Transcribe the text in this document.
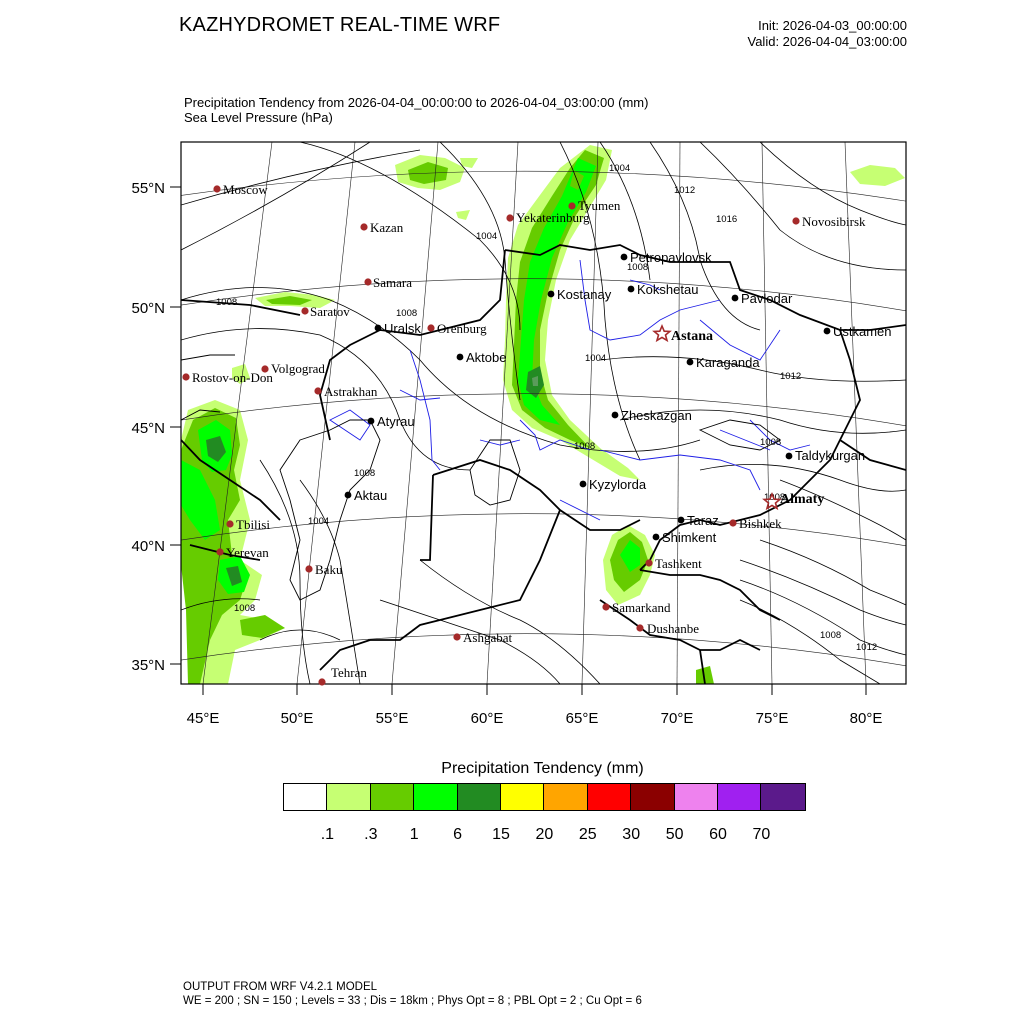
KAZHYDROMET REAL-TIME WRF	Init: 2026-04-03_00:00:00
Valid: 2026-04-04_03:00:00
Precipitation Tendency from 2026-04-04_00:00:00 to 2026-04-04_03:00:00 (mm)
Sea Level Pressure (hPa)
55°N
50°N
45°N
40°N
35°N
45°E	50°E	55°E	60°E	65°E	70°E	75°E	80°E
1004
1012
1016
1004
1008
1008
1008
1004
1012
1008
1008
1008
1004
1008
1008
1012
1008
Moscow
Kazan
Samara
Saratov
Volgograd
Rostov-on-Don
Astrakhan
Uralsk Orenburg
Aktobe
Atyrau
Aktau
Tbilisi
Yerevan
Baku
Ashgabat
Tehran
Yekaterinburg
Tyumen
Kostanay
Petropavlovsk
Kokshetau
Astana
Pavlodar
Novosibirsk
Ustkamen
Karaganda
Zheskazgan
Kyzylorda
Taldykurgan
Almaty
Taraz Bishkek
Shimkent
Tashkent
Samarkand
Dushanbe
Precipitation Tendency (mm)
.1 .3 1 6 15 20 25 30 50 60 70
OUTPUT FROM WRF V4.2.1 MODEL
WE = 200 ; SN = 150 ; Levels = 33 ; Dis = 18km ; Phys Opt = 8 ; PBL Opt = 2 ; Cu Opt = 6
